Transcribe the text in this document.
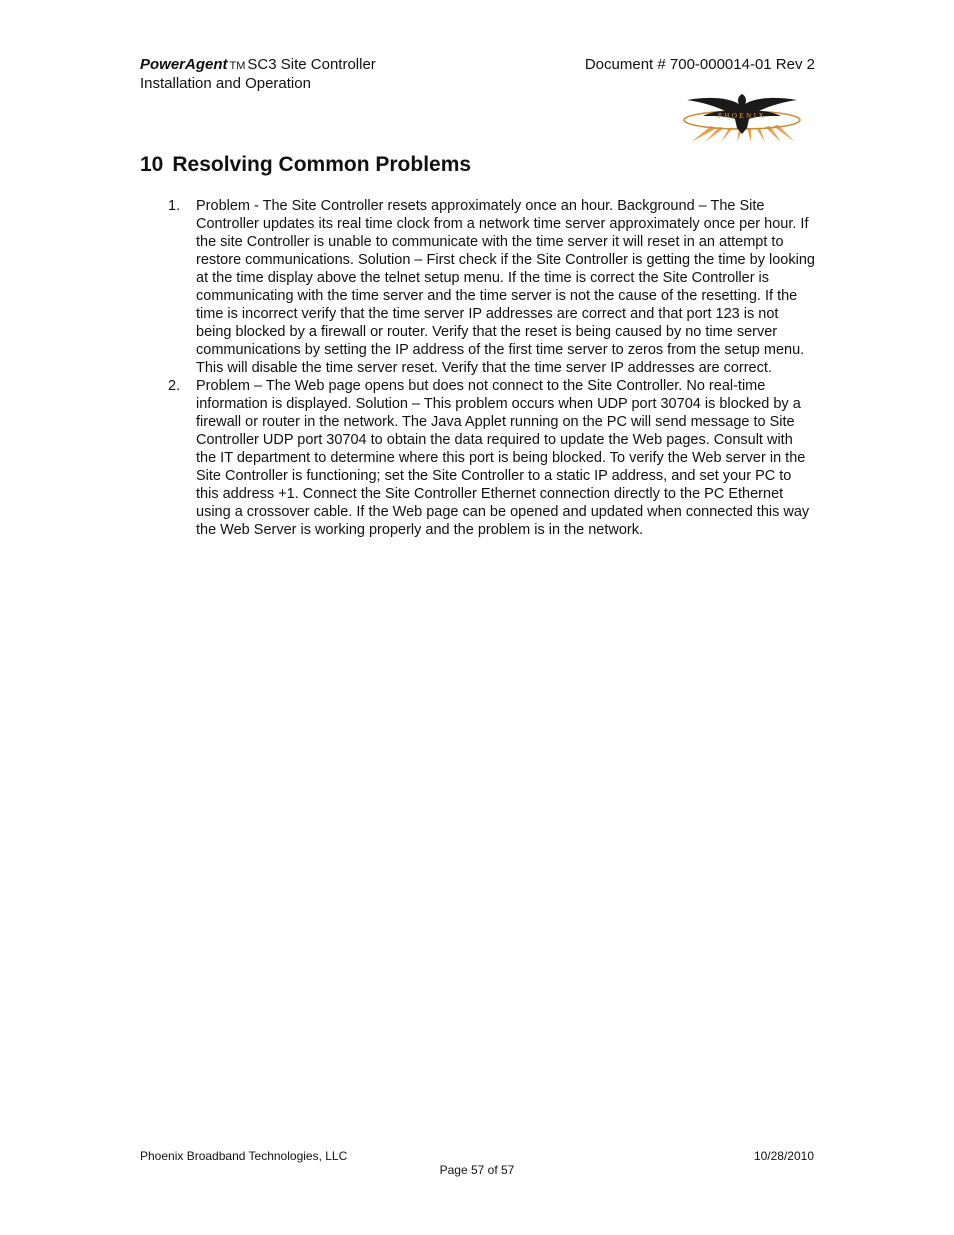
PowerAgent TM SC3 Site Controller
Installation and Operation
Document # 700-000014-01 Rev 2
PHOENIX
10 Resolving Common Problems
1. Problem - The Site Controller resets approximately once an hour. Background – The Site Controller updates its real time clock from a network time server approximately once per hour. If the site Controller is unable to communicate with the time server it will reset in an attempt to restore communications. Solution – First check if the Site Controller is getting the time by looking at the time display above the telnet setup menu. If the time is correct the Site Controller is communicating with the time server and the time server is not the cause of the resetting. If the time is incorrect verify that the time server IP addresses are correct and that port 123 is not being blocked by a firewall or router. Verify that the reset is being caused by no time server communications by setting the IP address of the first time server to zeros from the setup menu. This will disable the time server reset. Verify that the time server IP addresses are correct.
2. Problem – The Web page opens but does not connect to the Site Controller. No real-time information is displayed. Solution – This problem occurs when UDP port 30704 is blocked by a firewall or router in the network. The Java Applet running on the PC will send message to Site Controller UDP port 30704 to obtain the data required to update the Web pages. Consult with the IT department to determine where this port is being blocked. To verify the Web server in the Site Controller is functioning; set the Site Controller to a static IP address, and set your PC to this address +1. Connect the Site Controller Ethernet connection directly to the PC Ethernet using a crossover cable. If the Web page can be opened and updated when connected this way the Web Server is working properly and the problem is in the network.
Phoenix Broadband Technologies, LLC	10/28/2010
Page 57 of 57
